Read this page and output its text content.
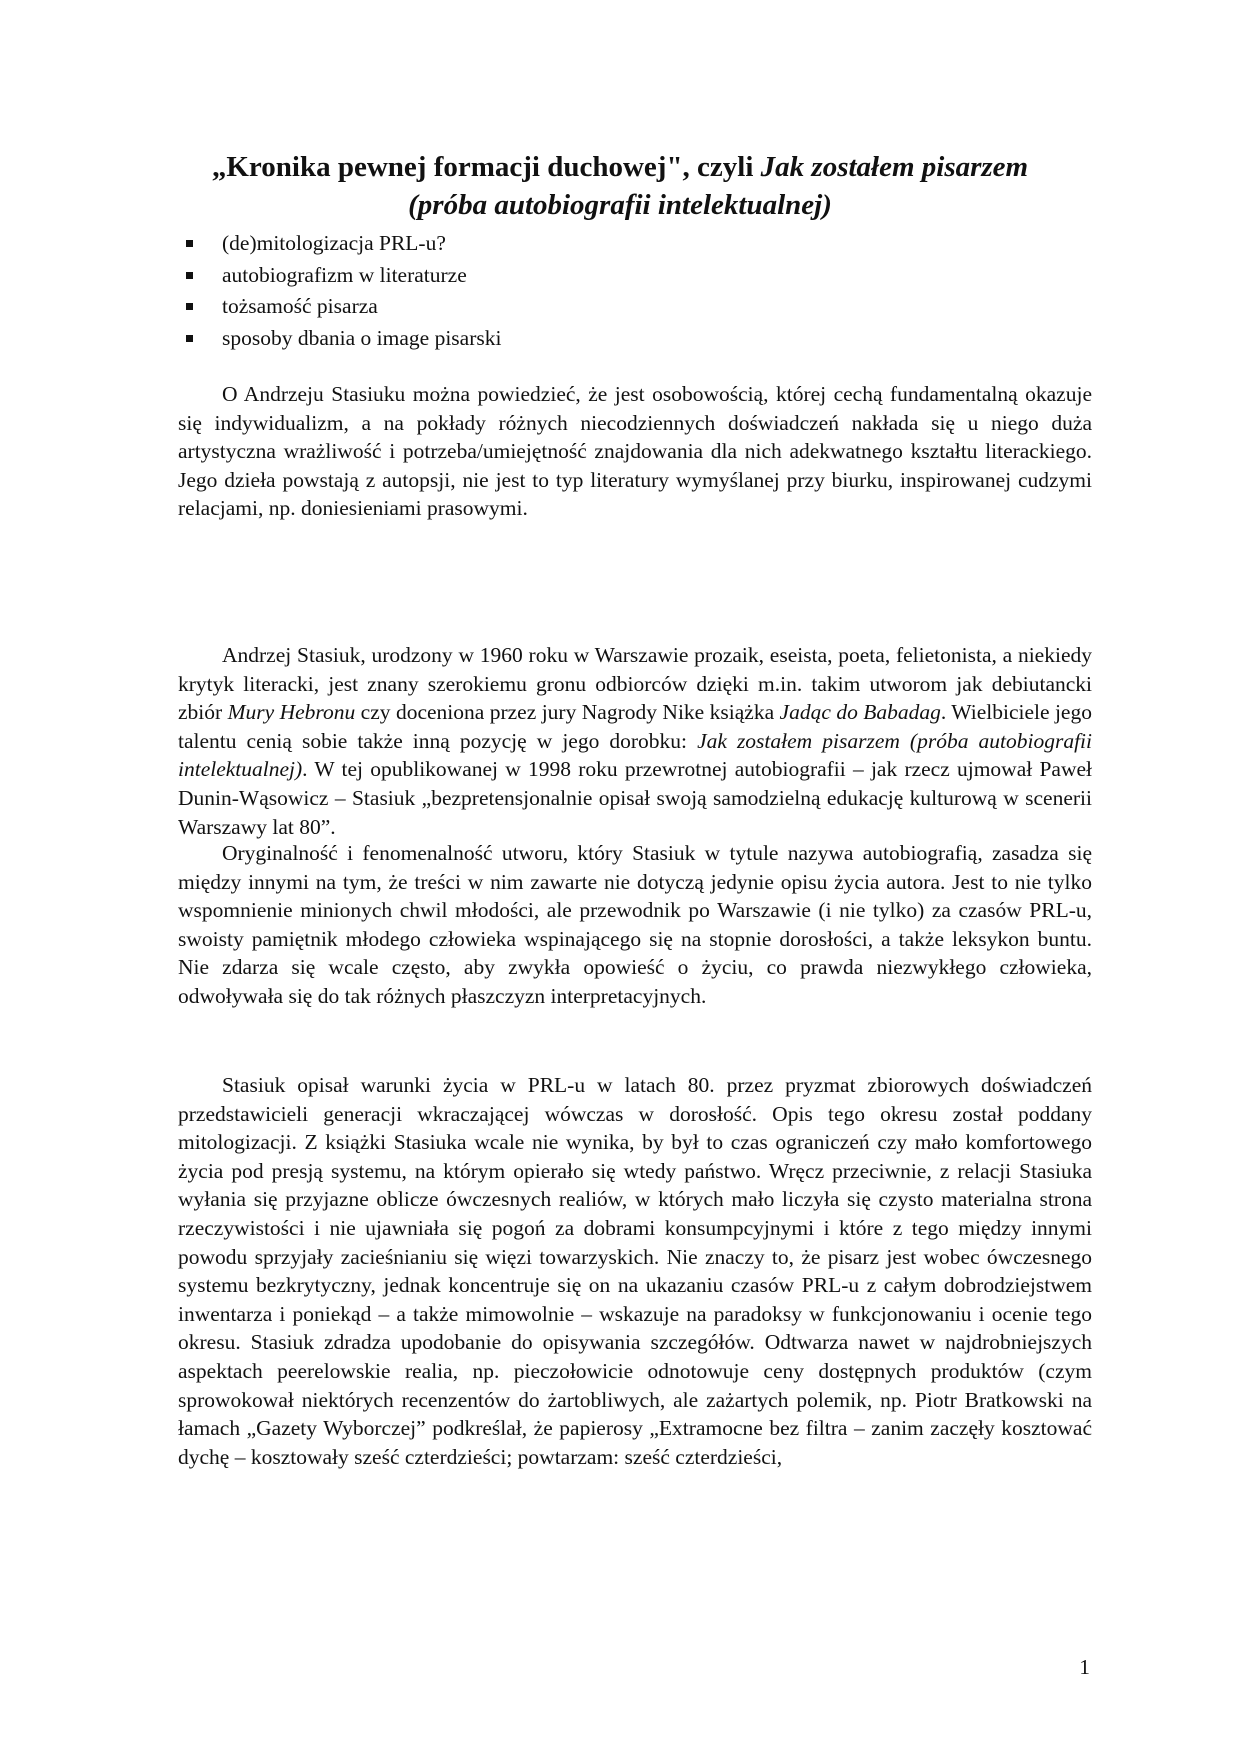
„Kronika pewnej formacji duchowej", czyli Jak zostałem pisarzem
(próba autobiografii intelektualnej)
(de)mitologizacja PRL-u?
autobiografizm w literaturze
tożsamość pisarza
sposoby dbania o image pisarski

O Andrzeju Stasiuku można powiedzieć, że jest osobowością, której cechą fundamentalną okazuje się indywidualizm, a na pokłady różnych niecodziennych doświadczeń nakłada się u niego duża artystyczna wrażliwość i potrzeba/umiejętność znajdowania dla nich adekwatnego kształtu literackiego. Jego dzieła powstają z autopsji, nie jest to typ literatury wymyślanej przy biurku, inspirowanej cudzymi relacjami, np. doniesieniami prasowymi.

Andrzej Stasiuk, urodzony w 1960 roku w Warszawie prozaik, eseista, poeta, felietonista, a niekiedy krytyk literacki, jest znany szerokiemu gronu odbiorców dzięki m.in. takim utworom jak debiutancki zbiór Mury Hebronu czy doceniona przez jury Nagrody Nike książka Jadąc do Babadag. Wielbiciele jego talentu cenią sobie także inną pozycję w jego dorobku: Jak zostałem pisarzem (próba autobiografii intelektualnej). W tej opublikowanej w 1998 roku przewrotnej autobiografii – jak rzecz ujmował Paweł Dunin-Wąsowicz – Stasiuk „bezpretensjonalnie opisał swoją samodzielną edukację kulturową w scenerii Warszawy lat 80”.

Oryginalność i fenomenalność utworu, który Stasiuk w tytule nazywa autobiografią, zasadza się między innymi na tym, że treści w nim zawarte nie dotyczą jedynie opisu życia autora. Jest to nie tylko wspomnienie minionych chwil młodości, ale przewodnik po Warszawie (i nie tylko) za czasów PRL-u, swoisty pamiętnik młodego człowieka wspinającego się na stopnie dorosłości, a także leksykon buntu. Nie zdarza się wcale często, aby zwykła opowieść o życiu, co prawda niezwykłego człowieka, odwoływała się do tak różnych płaszczyzn interpretacyjnych.

Stasiuk opisał warunki życia w PRL-u w latach 80. przez pryzmat zbiorowych doświadczeń przedstawicieli generacji wkraczającej wówczas w dorosłość. Opis tego okresu został poddany mitologizacji. Z książki Stasiuka wcale nie wynika, by był to czas ograniczeń czy mało komfortowego życia pod presją systemu, na którym opierało się wtedy państwo. Wręcz przeciwnie, z relacji Stasiuka wyłania się przyjazne oblicze ówczesnych realiów, w których mało liczyła się czysto materialna strona rzeczywistości i nie ujawniała się pogoń za dobrami konsumpcyjnymi i które z tego między innymi powodu sprzyjały zacieśnianiu się więzi towarzyskich. Nie znaczy to, że pisarz jest wobec ówczesnego systemu bezkrytyczny, jednak koncentruje się on na ukazaniu czasów PRL-u z całym dobrodziejstwem inwentarza i poniekąd – a także mimowolnie – wskazuje na paradoksy w funkcjonowaniu i ocenie tego okresu. Stasiuk zdradza upodobanie do opisywania szczegółów. Odtwarza nawet w najdrobniejszych aspektach peerelowskie realia, np. pieczołowicie odnotowuje ceny dostępnych produktów (czym sprowokował niektórych recenzentów do żartobliwych, ale zażartych polemik, np. Piotr Bratkowski na łamach „Gazety Wyborczej” podkreślał, że papierosy „Extramocne bez filtra – zanim zaczęły kosztować dychę – kosztowały sześć czterdzieści; powtarzam: sześć czterdzieści,

1
